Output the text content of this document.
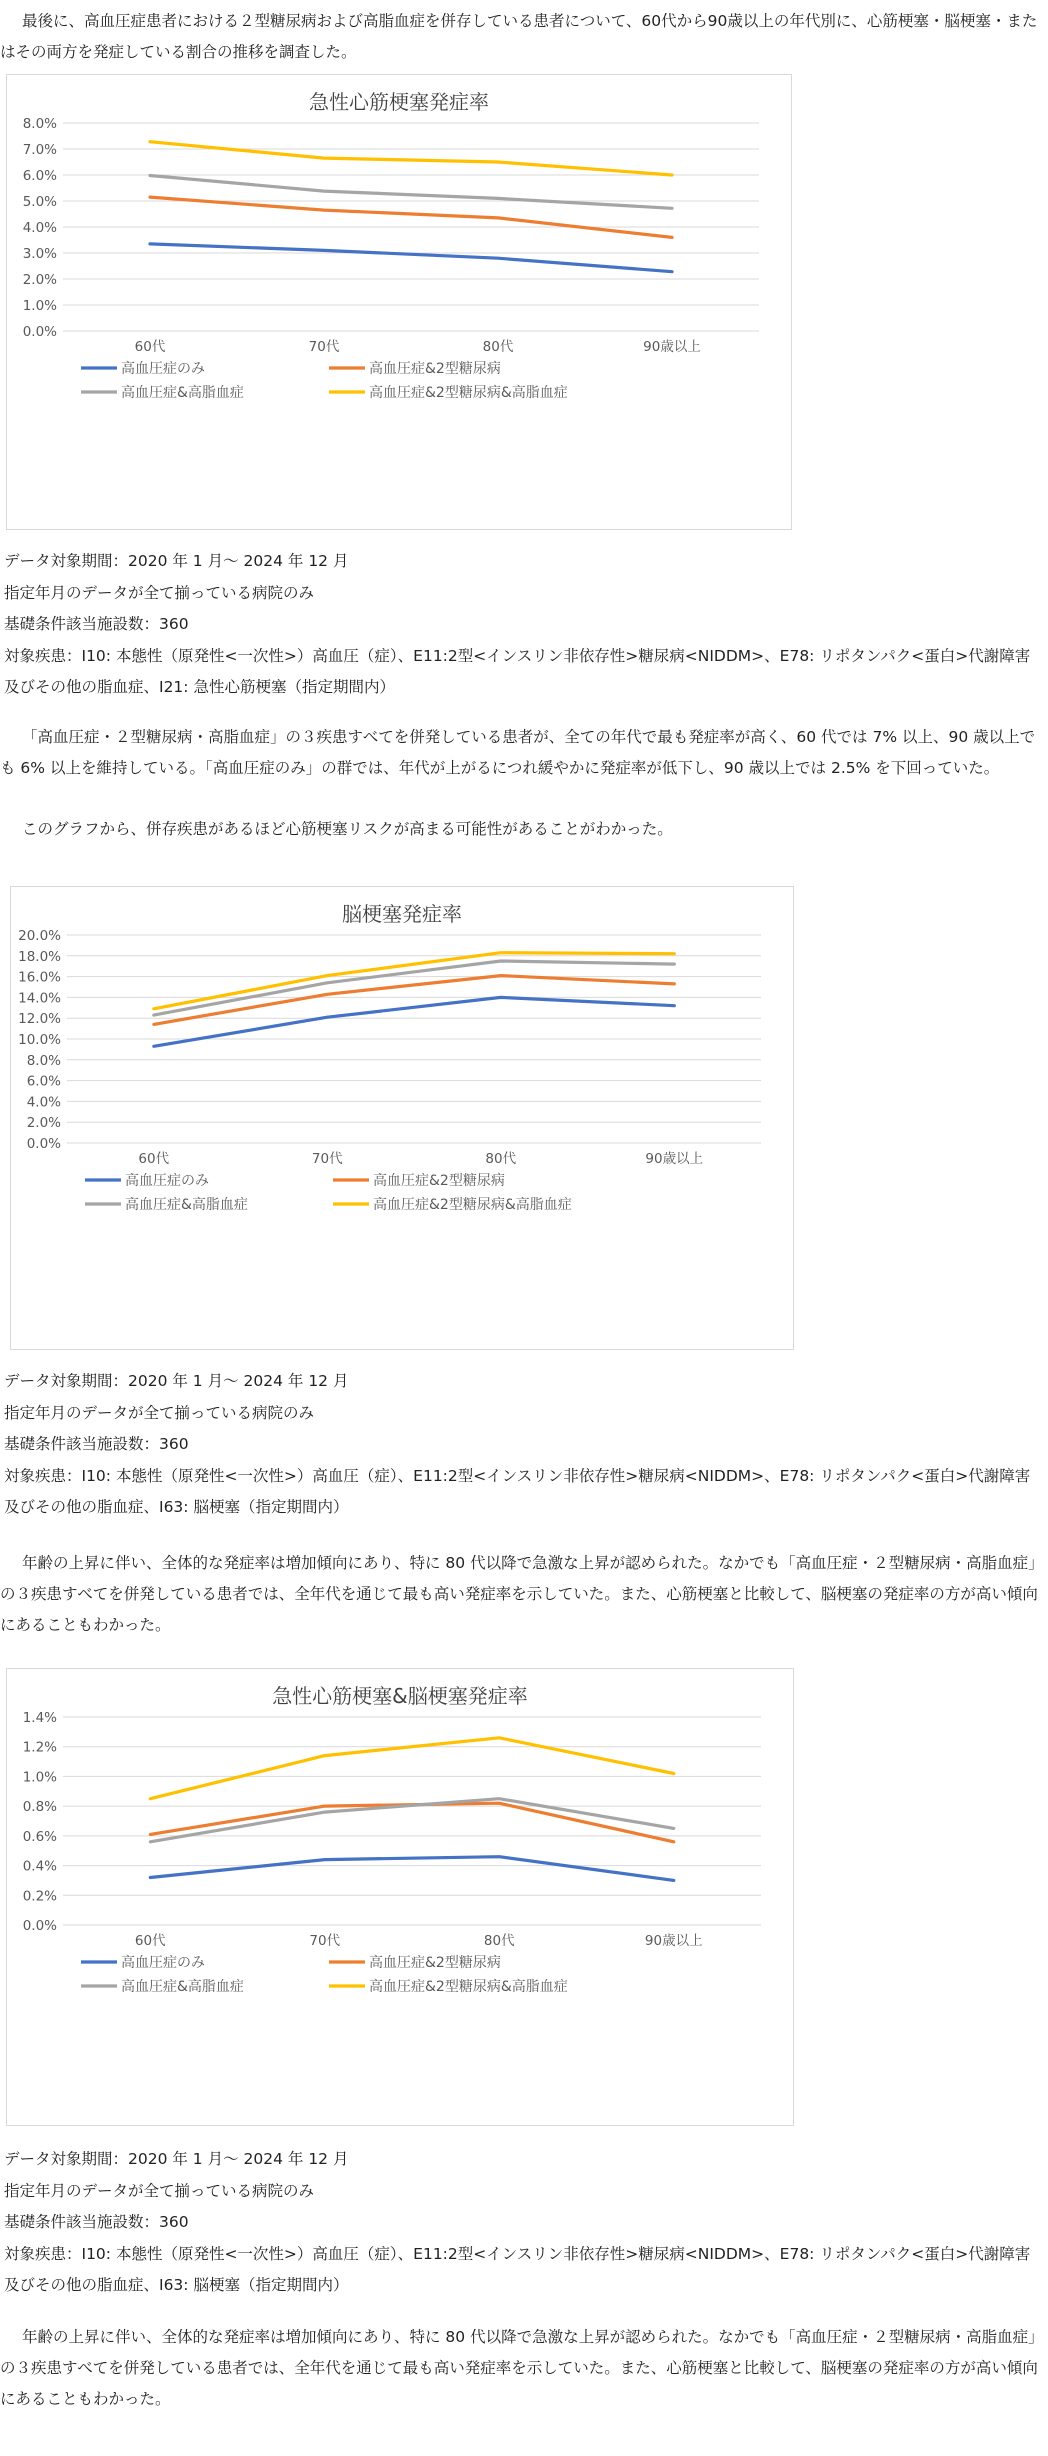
最後に、高血圧症患者における２型糖尿病および高脂血症を併存している患者について、60代から90歳以上の年代別に、心筋梗塞・脳梗塞・またはその両方を発症している割合の推移を調査した。

急性心筋梗塞発症率
0.0%
1.0%
2.0%
3.0%
4.0%
5.0%
6.0%
7.0%
8.0%
60代	70代	80代	90歳以上
高血圧症のみ	高血圧症&2型糖尿病
高血圧症&高脂血症	高血圧症&2型糖尿病&高脂血症
データ対象期間：2020 年 1 月～ 2024 年 12 月
指定年月のデータが全て揃っている病院のみ
基礎条件該当施設数：360
対象疾患：I10: 本態性（原発性<一次性>）高血圧（症）、E11:2型<インスリン非依存性>糖尿病<NIDDM>、E78: リポタンパク<蛋白>代謝障害及びその他の脂血症、I21: 急性心筋梗塞（指定期間内）

「高血圧症・２型糖尿病・高脂血症」の３疾患すべてを併発している患者が、全ての年代で最も発症率が高く、60 代では 7% 以上、90 歳以上でも 6% 以上を維持している。「高血圧症のみ」の群では、年代が上がるにつれ緩やかに発症率が低下し、90 歳以上では 2.5% を下回っていた。

このグラフから、併存疾患があるほど心筋梗塞リスクが高まる可能性があることがわかった。

脳梗塞発症率
0.0%
2.0%
4.0%
6.0%
8.0%
10.0%
12.0%
14.0%
16.0%
18.0%
20.0%
60代	70代	80代	90歳以上
高血圧症のみ	高血圧症&2型糖尿病
高血圧症&高脂血症	高血圧症&2型糖尿病&高脂血症
データ対象期間：2020 年 1 月～ 2024 年 12 月
指定年月のデータが全て揃っている病院のみ
基礎条件該当施設数：360
対象疾患：I10: 本態性（原発性<一次性>）高血圧（症）、E11:2型<インスリン非依存性>糖尿病<NIDDM>、E78: リポタンパク<蛋白>代謝障害及びその他の脂血症、I63: 脳梗塞（指定期間内）

年齢の上昇に伴い、全体的な発症率は増加傾向にあり、特に 80 代以降で急激な上昇が認められた。なかでも「高血圧症・２型糖尿病・高脂血症」の３疾患すべてを併発している患者では、全年代を通じて最も高い発症率を示していた。また、心筋梗塞と比較して、脳梗塞の発症率の方が高い傾向にあることもわかった。

急性心筋梗塞&脳梗塞発症率
0.0%
0.2%
0.4%
0.6%
0.8%
1.0%
1.2%
1.4%
60代	70代	80代	90歳以上
高血圧症のみ	高血圧症&2型糖尿病
高血圧症&高脂血症	高血圧症&2型糖尿病&高脂血症
データ対象期間：2020 年 1 月～ 2024 年 12 月
指定年月のデータが全て揃っている病院のみ
基礎条件該当施設数：360
対象疾患：I10: 本態性（原発性<一次性>）高血圧（症）、E11:2型<インスリン非依存性>糖尿病<NIDDM>、E78: リポタンパク<蛋白>代謝障害及びその他の脂血症、I63: 脳梗塞（指定期間内）

年齢の上昇に伴い、全体的な発症率は増加傾向にあり、特に 80 代以降で急激な上昇が認められた。なかでも「高血圧症・２型糖尿病・高脂血症」の３疾患すべてを併発している患者では、全年代を通じて最も高い発症率を示していた。また、心筋梗塞と比較して、脳梗塞の発症率の方が高い傾向にあることもわかった。
